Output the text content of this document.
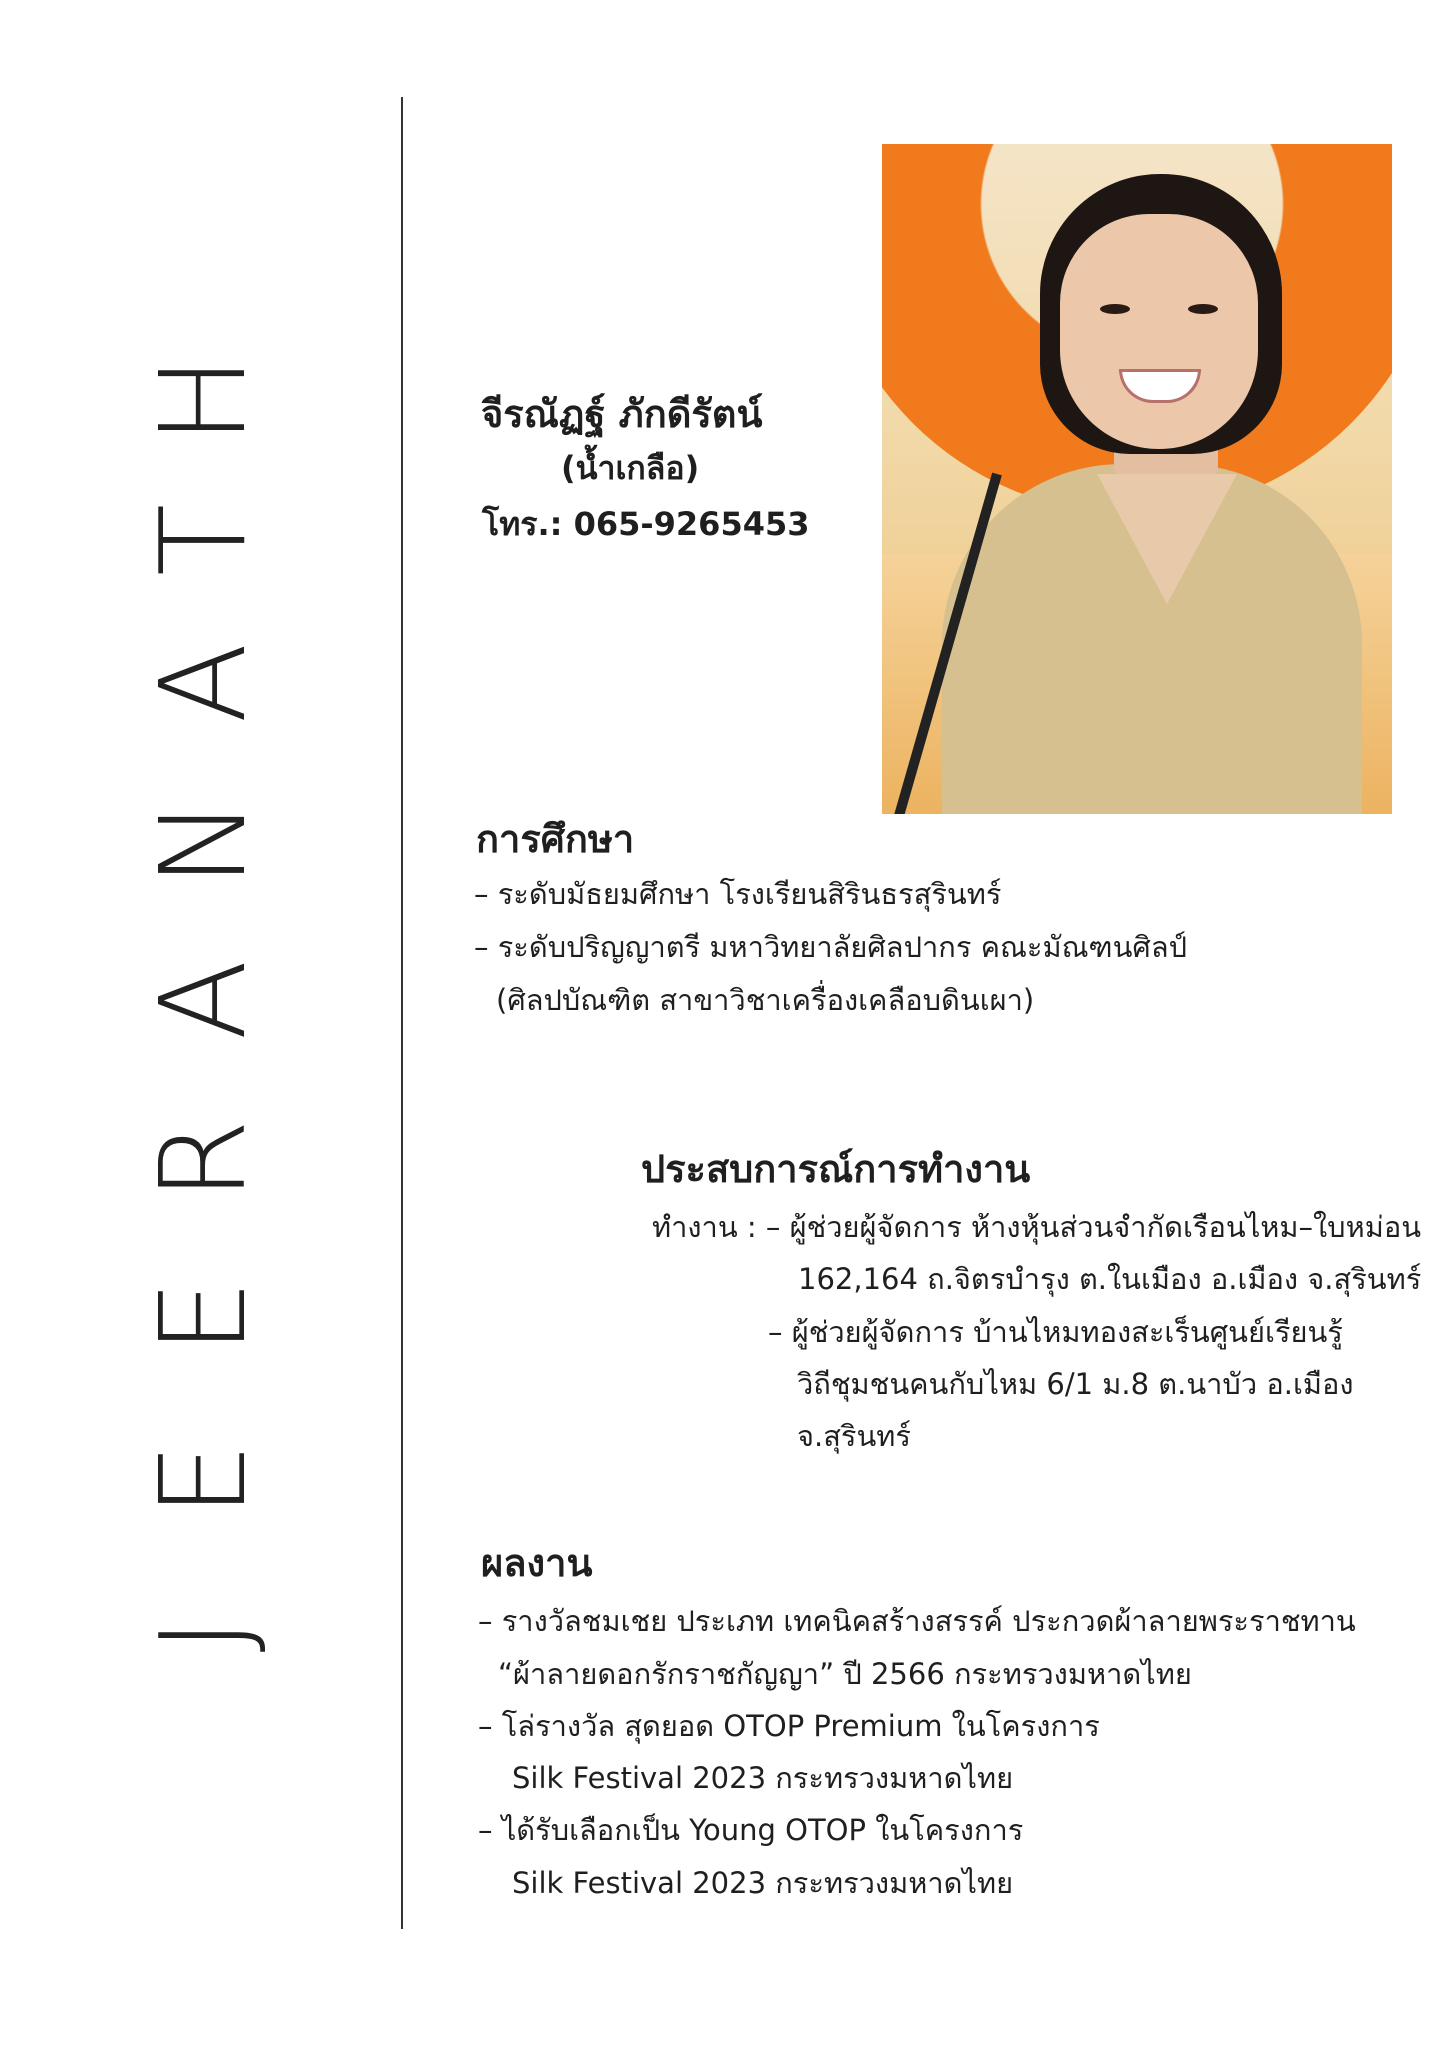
J
E
E
R
A
N
A
T
H	จีรณัฏฐ์ ภักดีรัตน์
(น้ำเกลือ)
โทร.: 065-9265453
การศึกษา
– ระดับมัธยมศึกษา โรงเรียนสิรินธรสุรินทร์
– ระดับปริญญาตรี มหาวิทยาลัยศิลปากร คณะมัณฑนศิลป์
(ศิลปบัณฑิต สาขาวิชาเครื่องเคลือบดินเผา)
ประสบการณ์การทำงาน
ทำงาน : – ผู้ช่วยผู้จัดการ ห้างหุ้นส่วนจำกัดเรือนไหม–ใบหม่อน
162,164 ถ.จิตรบำรุง ต.ในเมือง อ.เมือง จ.สุรินทร์
– ผู้ช่วยผู้จัดการ บ้านไหมทองสะเร็นศูนย์เรียนรู้
วิถีชุมชนคนกับไหม 6/1 ม.8 ต.นาบัว อ.เมือง
จ.สุรินทร์
ผลงาน
– รางวัลชมเชย ประเภท เทคนิคสร้างสรรค์ ประกวดผ้าลายพระราชทาน
“ผ้าลายดอกรักราชกัญญา” ปี 2566 กระทรวงมหาดไทย
– โล่รางวัล สุดยอด OTOP Premium ในโครงการ
Silk Festival 2023 กระทรวงมหาดไทย
– ได้รับเลือกเป็น Young OTOP ในโครงการ
Silk Festival 2023 กระทรวงมหาดไทย
